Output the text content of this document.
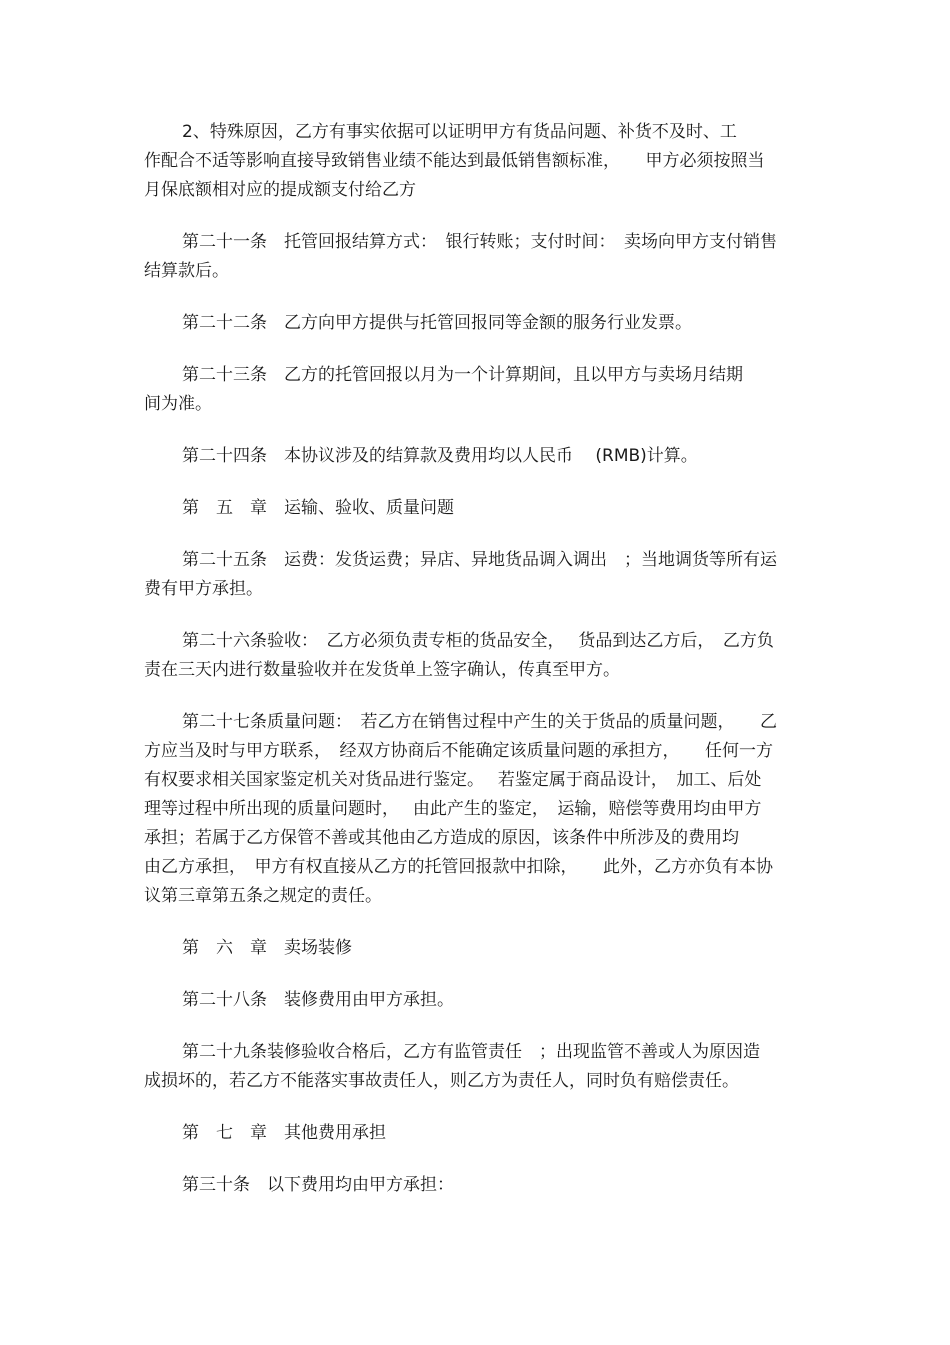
2、特殊原因，乙方有事实依据可以证明甲方有货品问题、补货不及时、工
作配合不适等影响直接导致销售业绩不能达到最低销售额标准，　　甲方必须按照当
月保底额相对应的提成额支付给乙方

第二十一条　托管回报结算方式：　银行转账；支付时间：　卖场向甲方支付销售
结算款后。

第二十二条　乙方向甲方提供与托管回报同等金额的服务行业发票。

第二十三条　乙方的托管回报以月为一个计算期间，且以甲方与卖场月结期
间为准。

第二十四条　本协议涉及的结算款及费用均以人民币　 (RMB)计算。

第　五　章　运输、验收、质量问题

第二十五条　运费：发货运费；异店、异地货品调入调出　；当地调货等所有运
费有甲方承担。

第二十六条验收：　乙方必须负责专柜的货品安全，　 货品到达乙方后，　乙方负
责在三天内进行数量验收并在发货单上签字确认，传真至甲方。

第二十七条质量问题：　若乙方在销售过程中产生的关于货品的质量问题，　　乙
方应当及时与甲方联系，　经双方协商后不能确定该质量问题的承担方，　　任何一方
有权要求相关国家鉴定机关对货品进行鉴定。　 若鉴定属于商品设计，　加工、后处
理等过程中所出现的质量问题时，　 由此产生的鉴定，　运输，赔偿等费用均由甲方
承担；若属于乙方保管不善或其他由乙方造成的原因，该条件中所涉及的费用均
由乙方承担，　甲方有权直接从乙方的托管回报款中扣除，　　此外，乙方亦负有本协
议第三章第五条之规定的责任。

第　六　章　卖场装修

第二十八条　装修费用由甲方承担。

第二十九条装修验收合格后，乙方有监管责任　；出现监管不善或人为原因造
成损坏的，若乙方不能落实事故责任人，则乙方为责任人，同时负有赔偿责任。

第　七　章　其他费用承担

第三十条　以下费用均由甲方承担：
